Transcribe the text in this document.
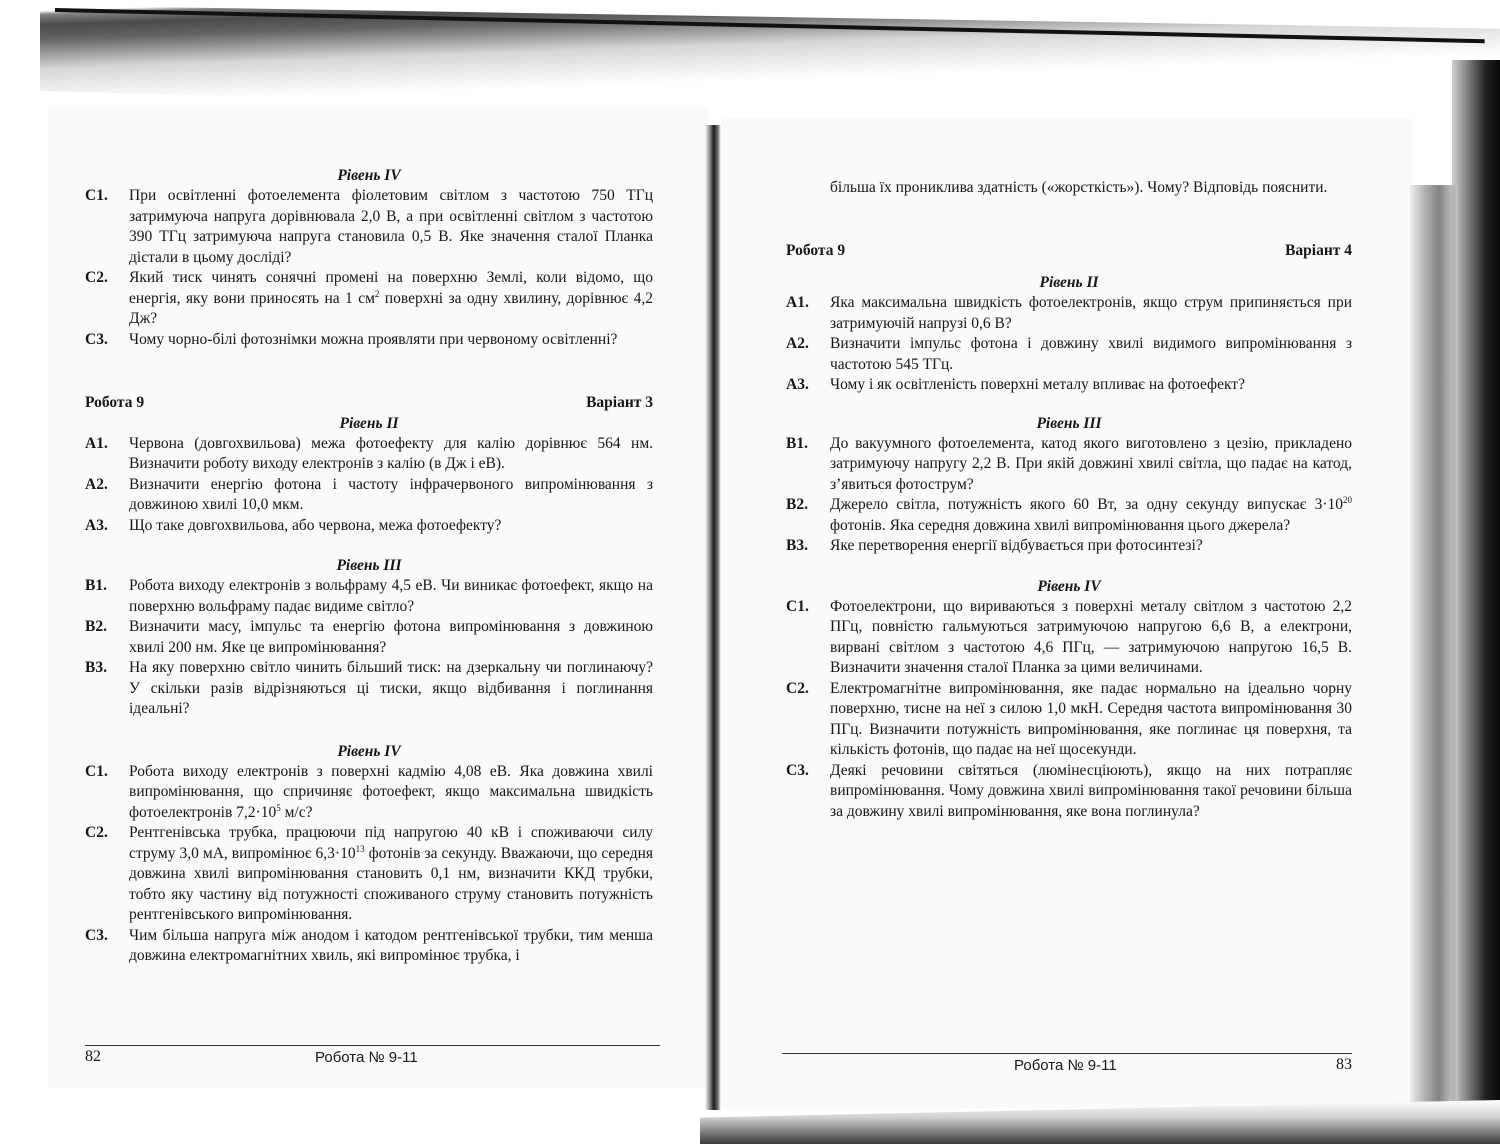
Рівень IV

С1.	При освітленні фотоелемента фіолетовим світлом з частотою 750 ТГц затримуюча напруга дорівнювала 2,0 В, а при освітленні світлом з частотою 390 ТГц затримуюча напруга становила 0,5 В. Яке значення сталої Планка дістали в цьому досліді?
С2.	Який тиск чинять сонячні промені на поверхню Землі, коли відомо, що енергія, яку вони приносять на 1 $см^2$ поверхні за одну хвилину, дорівнює 4,2 Дж?
С3.	Чому чорно-білі фотознімки можна проявляти при червоному освітленні?
Робота 9	Варіант 3

Рівень II

А1.	Червона (довгохвильова) межа фотоефекту для калію дорівнює 564 нм. Визначити роботу виходу електронів з калію (в Дж і еВ).
А2.	Визначити енергію фотона і частоту інфрачервоного випромінювання з довжиною хвилі 10,0 мкм.
А3.	Що таке довгохвильова, або червона, межа фотоефекту?

Рівень III

В1.	Робота виходу електронів з вольфраму 4,5 еВ. Чи виникає фотоефект, якщо на поверхню вольфраму падає видиме світло?
В2.	Визначити масу, імпульс та енергію фотона випромінювання з довжиною хвилі 200 нм. Яке це випромінювання?
В3.	На яку поверхню світло чинить більший тиск: на дзеркальну чи поглинаючу? У скільки разів відрізняються ці тиски, якщо відбивання і поглинання ідеальні?

Рівень IV

С1.	Робота виходу електронів з поверхні кадмію 4,08 еВ. Яка довжина хвилі випромінювання, що спричиняє фотоефект, якщо максимальна швидкість фотоелектронів $7,2\cdot 10^5$ м/с?
С2.	Рентгенівська трубка, працюючи під напругою 40 кВ і споживаючи силу струму 3,0 мА, випромінює $6,3\cdot 10^{13}$ фотонів за секунду. Вважаючи, що середня довжина хвилі випромінювання становить 0,1 нм, визначити ККД трубки, тобто яку частину від потужності споживаного струму становить потужність рентгенівського випромінювання.
С3.	Чим більша напруга між анодом і катодом рентгенівської трубки, тим менша довжина електромагнітних хвиль, які випромінює трубка, і
82	Робота № 9-11

більша їх прониклива здатність («жорсткість»). Чому? Відповідь пояснити.

Робота 9	Варіант 4

Рівень II

А1.	Яка максимальна швидкість фотоелектронів, якщо струм припиняється при затримуючій напрузі 0,6 В?
А2.	Визначити імпульс фотона і довжину хвилі видимого випромінювання з частотою 545 ТГц.
А3.	Чому і як освітленість поверхні металу впливає на фотоефект?

Рівень III

В1.	До вакуумного фотоелемента, катод якого виготовлено з цезію, прикладено затримуючу напругу 2,2 В. При якій довжині хвилі світла, що падає на катод, з’явиться фотострум?
В2.	Джерело світла, потужність якого 60 Вт, за одну секунду випускає $3\cdot 10^{20}$ фотонів. Яка середня довжина хвилі випромінювання цього джерела?
В3.	Яке перетворення енергії відбувається при фотосинтезі?

Рівень IV

С1.	Фотоелектрони, що вириваються з поверхні металу світлом з частотою 2,2 ПГц, повністю гальмуються затримуючою напругою 6,6 В, а електрони, вирвані світлом з частотою 4,6 ПГц, — затримуючою напругою 16,5 В. Визначити значення сталої Планка за цими величинами.
С2.	Електромагнітне випромінювання, яке падає нормально на ідеально чорну поверхню, тисне на неї з силою 1,0 мкН. Середня частота випромінювання 30 ПГц. Визначити потужність випромінювання, яке поглинає ця поверхня, та кількість фотонів, що падає на неї щосекунди.
С3.	Деякі речовини світяться (люмінесціюють), якщо на них потрапляє випромінювання. Чому довжина хвилі випромінювання такої речовини більша за довжину хвилі випромінювання, яке вона поглинула?
Робота № 9-11	83
